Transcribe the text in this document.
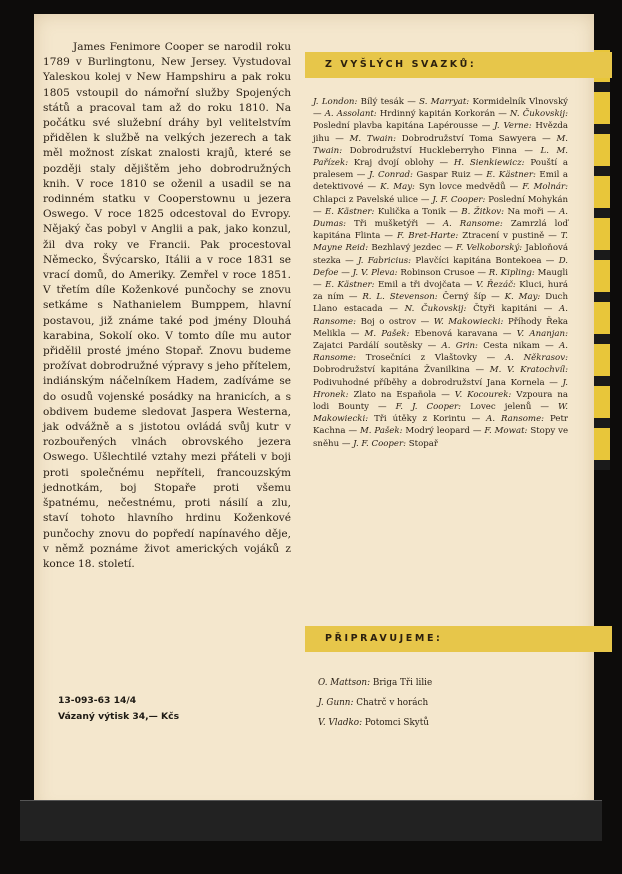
James Fenimore Cooper se narodil roku 1789 v Burlingtonu, New Jersey. Vystudoval Yaleskou kolej v New Hampshiru a pak roku 1805 vstoupil do námořní služby Spojených států a pracoval tam až do roku 1810. Na počátku své služební dráhy byl velitelstvím přidělen k službě na velkých jezerech a tak měl možnost získat znalosti krajů, které se později staly dějištěm jeho dobrodružných knih. V roce 1810 se oženil a usadil se na rodinném statku v Cooperstownu u jezera Oswego. V roce 1825 odcestoval do Evropy. Nějaký čas pobyl v Anglii a pak, jako konzul, žil dva roky ve Francii. Pak procestoval Německo, Švýcarsko, Itálii a v roce 1831 se vrací domů, do Ameriky. Zemřel v roce 1851. V třetím díle Koženkové punčochy se znovu setkáme s Nathanielem Bumppem, hlavní postavou, již známe také pod jmény Dlouhá karabina, Sokolí oko. V tomto díle mu autor přidělil prosté jméno Stopař. Znovu budeme prožívat dobrodružné výpravy s jeho přítelem, indiánským náčelníkem Hadem, zadíváme se do osudů vojenské posádky na hranicích, a s obdivem budeme sledovat Jaspera Westerna, jak odvážně a s jistotou ovládá svůj kutr v rozbouřených vlnách obrovského jezera Oswego. Ušlechtilé vztahy mezi přáteli v boji proti společnému nepříteli, francouzským jednotkám, boj Stopaře proti všemu špatnému, nečestnému, proti násilí a zlu, staví tohoto hlavního hrdinu Koženkové punčochy znovu do popředí napínavého děje, v němž poznáme život amerických vojáků z konce 18. století.

13-093-63 14/4
Vázaný výtisk 34,— Kčs
Z VYŠLÝCH SVAZKŮ:
J. London: Bílý tesák — S. Marryat: Kormidelník Vlnovský — A. Assolant: Hrdinný kapitán Korkorán — N. Čukovskij: Poslední plavba kapitána Lapérousse — J. Verne: Hvězda jihu — M. Twain: Dobrodružství Toma Sawyera — M. Twain: Dobrodružství Huckleberryho Finna — L. M. Pařízek: Kraj dvojí oblohy — H. Sienkiewicz: Pouští a pralesem — J. Conrad: Gaspar Ruiz — E. Kästner: Emil a detektivové — K. May: Syn lovce medvědů — F. Molnár: Chlapci z Pavelské ulice — J. F. Cooper: Poslední Mohykán — E. Kästner: Kulička a Tonik — B. Žitkov: Na moři — A. Dumas: Tři mušketýři — A. Ransome: Zamrzlá loď kapitána Flinta — F. Bret-Harte: Ztracení v pustině — T. Mayne Reid: Bezhlavý jezdec — F. Velkoborský: Jabloňová stezka — J. Fabricius: Plavčíci kapitána Bontekoea — D. Defoe — J. V. Pleva: Robinson Crusoe — R. Kipling: Maugli — E. Kästner: Emil a tři dvojčata — V. Řezáč: Kluci, hurá za ním — R. L. Stevenson: Černý šíp — K. May: Duch Llano estacada — N. Čukovskij: Čtyři kapitáni — A. Ransome: Boj o ostrov — W. Makowiecki: Příhody Řeka Melikla — M. Pašek: Ebenová karavana — V. Ananjan: Zajatci Pardálí soutěsky — A. Grin: Cesta nikam — A. Ransome: Trosečníci z Vlaštovky — A. Někrasov: Dobrodružství kapitána Žvanilkina — M. V. Kratochvíl: Podivuhodné příběhy a dobrodružství Jana Kornela — J. Hronek: Zlato na Española — V. Kocourek: Vzpoura na lodi Bounty — F. J. Cooper: Lovec jelenů — W. Makowiecki: Tři útěky z Korintu — A. Ransome: Petr Kachna — M. Pašek: Modrý leopard — F. Mowat: Stopy ve sněhu — J. F. Cooper: Stopař
PŘIPRAVUJEME:
O. Mattson: Briga Tři lilie
J. Gunn: Chatrč v horách
V. Vladko: Potomci Skytů
